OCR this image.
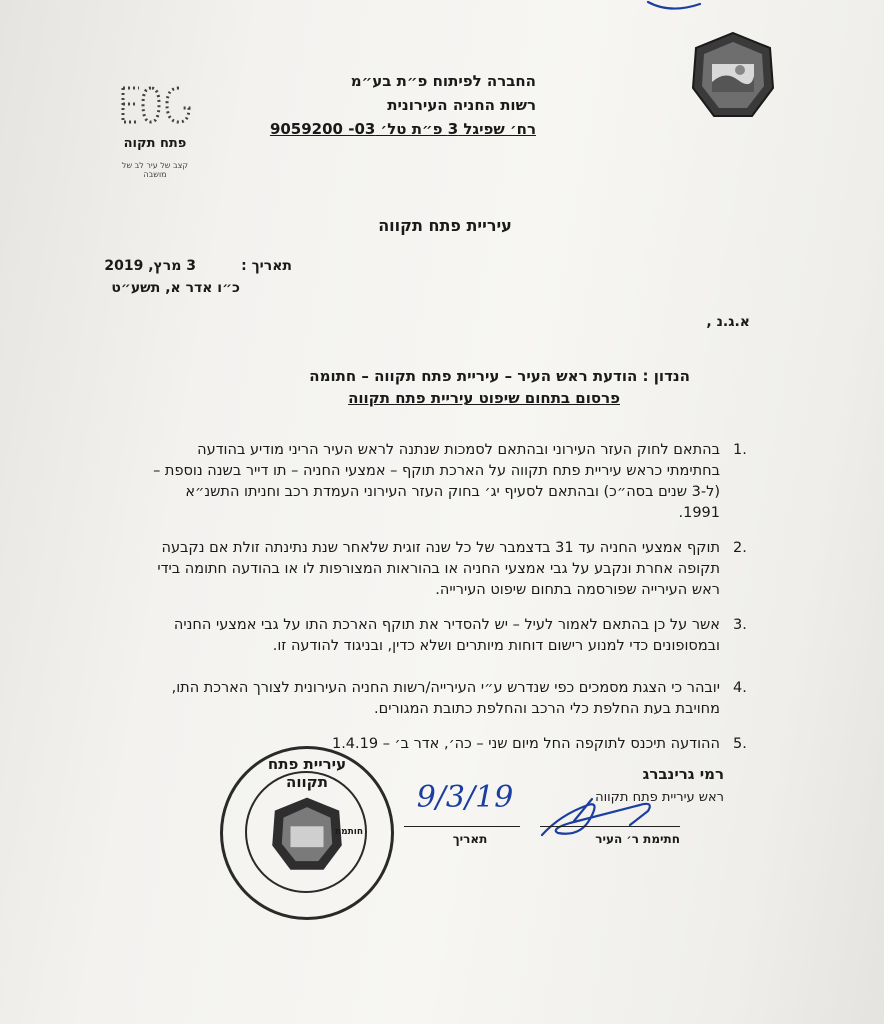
פתח תקוה
קצב של עיר לב של מושבה
החברה לפיתוח פ״ת בע״מ
רשות החניה העירונית
רח׳ שפיגל 3 פ״ת טל׳ 03- 9059200
עיריית פתח תקווה
תאריך :
3 מרץ, 2019
כ״ו אדר א, תשע״ט
א.ג.נ ,
הנדון : הודעת ראש העיר – עיריית פתח תקווה – חתומה
פרסום בתחום שיפוט עיריית פתח תקווה
1.
בהתאם לחוק העזר העירוני ובהתאם לסמכות שנתנה לראש העיר הריני מודיע בהודעה בחתימתי כראש עיריית פתח תקווה על הארכת תוקף – אמצעי החניה – תו דייר בשנה נוספת – (ל-3 שנים בסה״כ) ובהתאם לסעיף יג׳ בחוק העזר העירוני העמדת רכב וחניתו התשנ״א 1991.
2.
תוקף אמצעי החניה עד 31 בדצמבר של כל שנה זוגית שלאחר שנת נתינתה זולת אם נקבעה תקופה אחרת ונקבע על גבי אמצעי החניה או בהוראות המצורפות לו או בהודעה חתומה בידי ראש העירייה שפורסמה בתחום שיפוט העירייה.
3.
אשר על כן בהתאם לאמור לעיל – יש להסדיר את תוקף הארכת התו על גבי אמצעי החניה ובמסופונים כדי למנוע רישום דוחות מיותרים ושלא כדין, ובניגוד להודעה זו.
4.
יובהר כי הצגת מסמכים כפי שנדרש ע״י העירייה/רשות החניה העירונית לצורך הארכת התו, מחויבת בעת החלפת כלי הרכב והחלפת כתובת המגורים.
5.
ההודעה תיכנס לתוקפה החל מיום שני – כה׳, אדר ב׳ – 1.4.19
רמי גרינברג
ראש עיריית פתח תקווה
חתימת ר׳ העיר
9/3/19
תאריך
עיריית פתח תקווה
חותמת
